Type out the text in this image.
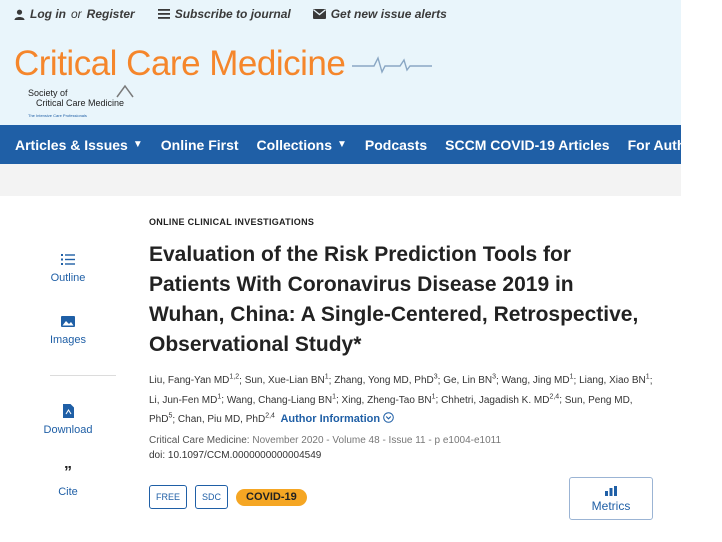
Log in or Register	Subscribe to journal	Get new issue alerts
Critical Care Medicine
Society of
Critical Care Medicine
The Intensive Care Professionals
Articles & Issues ▼ Online First Collections ▼ Podcasts SCCM COVID-19 Articles For Authors ▼
Outline
Images
Download
”
Cite
ONLINE CLINICAL INVESTIGATIONS
Evaluation of the Risk Prediction Tools for Patients With Coronavirus Disease 2019 in Wuhan, China: A Single-Centered, Retrospective, Observational Study*
Liu, Fang-Yan MD$^{1,2}$; Sun, Xue-Lian $BN^1$; Zhang, Yong MD, PhD$^3$; Ge, Lin $BN^3$; Wang, Jing $MD^1$; Liang, Xiao $BN^1$; Li, Jun-Fen $MD^1$; Wang, Chang-Liang $BN^1$; Xing, Zheng-Tao $BN^1$; Chhetri, Jagadish K. MD$^{2,4}$; Sun, Peng MD, PhD$^5$; Chan, Piu MD, PhD$^{2,4}$ Author Information
Critical Care Medicine: November 2020 - Volume 48 - Issue 11 - p e1004-e1011
doi: 10.1097/CCM.0000000000004549
FREE	SDC	COVID-19
Metrics
